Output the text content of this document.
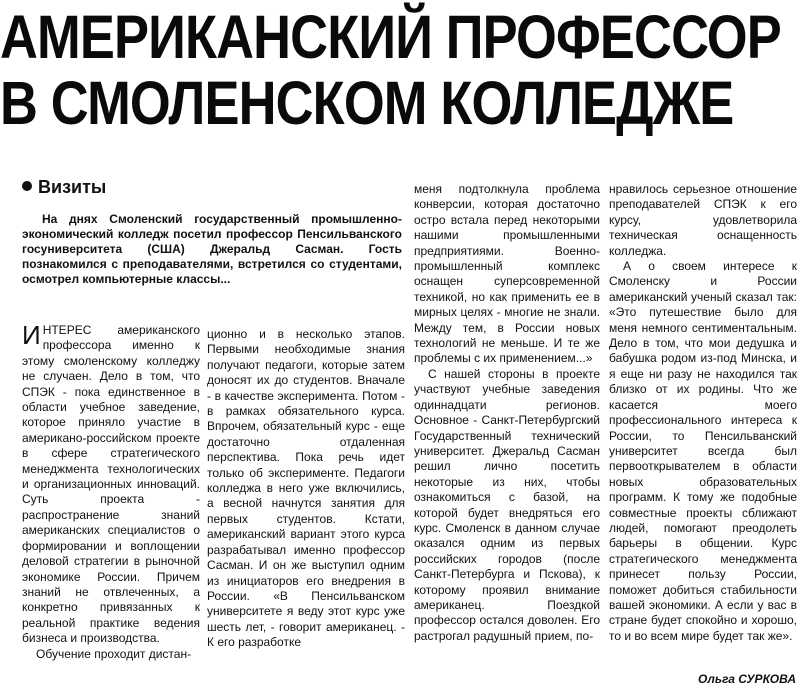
АМЕРИКАНСКИЙ ПРОФЕССОР
В СМОЛЕНСКОМ КОЛЛЕДЖЕ
Визиты
На днях Смоленский государственный промышленно-экономический колледж посетил профессор Пенсильванского госуниверситета (США) Джеральд Сасман. Гость познакомился с преподавателями, встретился со студентами, осмотрел компьютерные классы...

ИНТЕРЕС американского профессора именно к этому смоленскому колледжу не случаен. Дело в том, что СПЭК - пока единственное в области учебное заведение, которое приняло участие в американо-российском проекте в сфере стратегического менеджмента технологических и организационных инноваций. Суть проекта - распространение знаний американских специалистов о формировании и воплощении деловой стратегии в рыночной экономике России. Причем знаний не отвлеченных, а конкретно привязанных к реальной практике ведения бизнеса и производства.

Обучение проходит дистан-

ционно и в несколько этапов. Первыми необходимые знания получают педагоги, которые затем доносят их до студентов. Вначале - в качестве эксперимента. Потом - в рамках обязательного курса. Впрочем, обязательный курс - еще достаточно отдаленная перспектива. Пока речь идет только об эксперименте. Педагоги колледжа в него уже включились, а весной начнутся занятия для первых студентов. Кстати, американский вариант этого курса разрабатывал именно профессор Сасман. И он же выступил одним из инициаторов его внедрения в России. «В Пенсильванском университете я веду этот курс уже шесть лет, - говорит американец. - К его разработке

меня подтолкнула проблема конверсии, которая достаточно остро встала перед некоторыми нашими промышленными предприятиями. Военно-промышленный комплекс оснащен суперсовременной техникой, но как применить ее в мирных целях - многие не знали. Между тем, в России новых технологий не меньше. И те же проблемы с их применением...»

С нашей стороны в проекте участвуют учебные заведения одиннадцати регионов. Основное - Санкт-Петербургский Государственный технический университет. Джеральд Сасман решил лично посетить некоторые из них, чтобы ознакомиться с базой, на которой будет внедряться его курс. Смоленск в данном случае оказался одним из первых российских городов (после Санкт-Петербурга и Пскова), к которому проявил внимание американец. Поездкой профессор остался доволен. Его растрогал радушный прием, по-

нравилось серьезное отношение преподавателей СПЭК к его курсу, удовлетворила техническая оснащенность колледжа.

А о своем интересе к Смоленску и России американский ученый сказал так: «Это путешествие было для меня немного сентиментальным. Дело в том, что мои дедушка и бабушка родом из-под Минска, и я еще ни разу не находился так близко от их родины. Что же касается моего профессионального интереса к России, то Пенсильванский университет всегда был первооткрывателем в области новых образовательных программ. К тому же подобные совместные проекты сближают людей, помогают преодолеть барьеры в общении. Курс стратегического менеджмента принесет пользу России, поможет добиться стабильности вашей экономики. А если у вас в стране будет спокойно и хорошо, то и во всем мире будет так же».

Ольга СУРКОВА
